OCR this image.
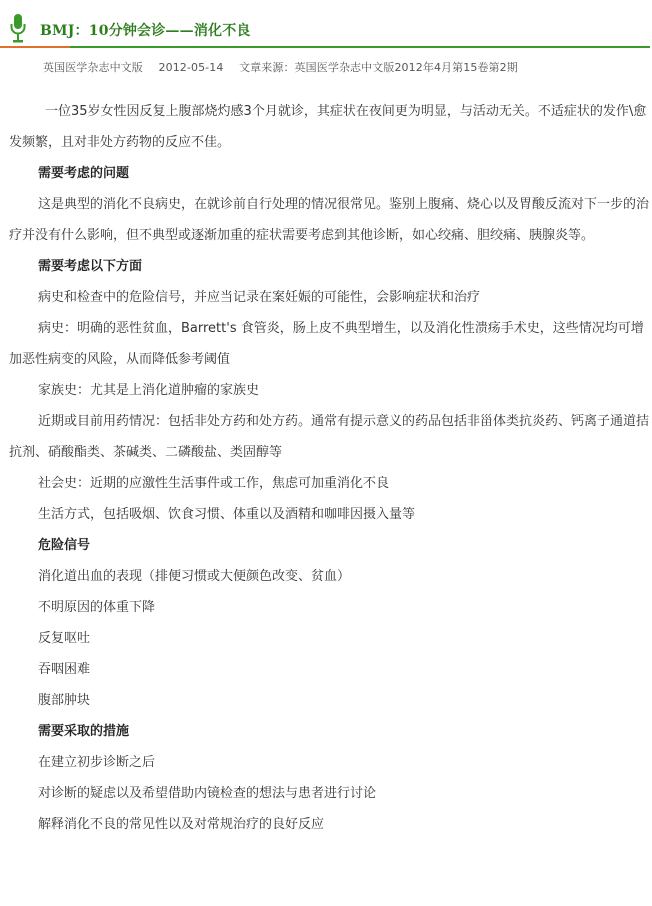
BMJ：10分钟会诊——消化不良
英国医学杂志中文版 2012-05-14 文章来源：英国医学杂志中文版2012年4月第15卷第2期

一位35岁女性因反复上腹部烧灼感3个月就诊，其症状在夜间更为明显，与活动无关。不适症状的发作\愈发频繁，且对非处方药物的反应不佳。

需要考虑的问题
这是典型的消化不良病史，在就诊前自行处理的情况很常见。鉴别上腹痛、烧心以及胃酸反流对下一步的治疗并没有什么影响，但不典型或逐渐加重的症状需要考虑到其他诊断，如心绞痛、胆绞痛、胰腺炎等。
需要考虑以下方面
病史和检查中的危险信号，并应当记录在案妊娠的可能性，会影响症状和治疗
病史：明确的恶性贫血，Barrett's 食管炎，肠上皮不典型增生，以及消化性溃疡手术史，这些情况均可增加恶性病变的风险，从而降低参考阈值
家族史：尤其是上消化道肿瘤的家族史
近期或目前用药情况：包括非处方药和处方药。通常有提示意义的药品包括非甾体类抗炎药、钙离子通道拮抗剂、硝酸酯类、茶碱类、二磷酸盐、类固醇等
社会史：近期的应激性生活事件或工作，焦虑可加重消化不良
生活方式，包括吸烟、饮食习惯、体重以及酒精和咖啡因摄入量等
危险信号
消化道出血的表现（排便习惯或大便颜色改变、贫血）
不明原因的体重下降
反复呕吐
吞咽困难
腹部肿块
需要采取的措施
在建立初步诊断之后
对诊断的疑虑以及希望借助内镜检查的想法与患者进行讨论
解释消化不良的常见性以及对常规治疗的良好反应
